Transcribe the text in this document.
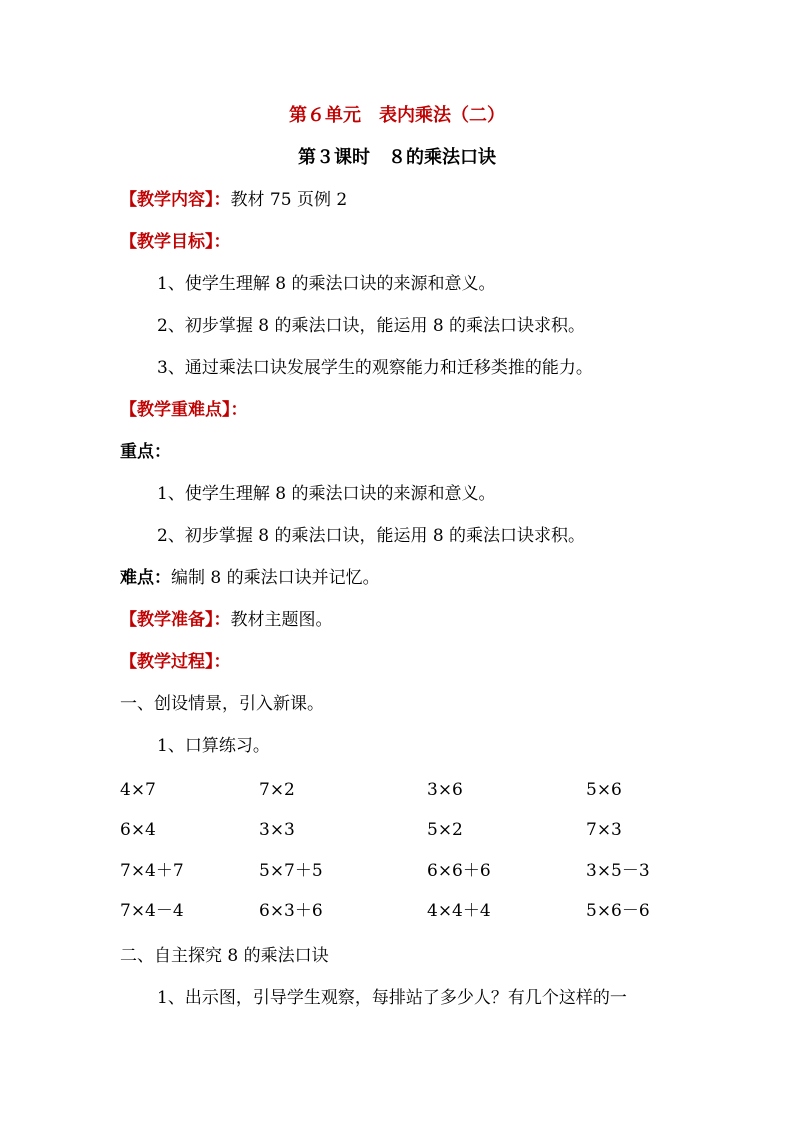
第６单元　表内乘法（二）
第３课时　８的乘法口诀
【教学内容】：教材 75 页例 2
【教学目标】：
1、使学生理解 8 的乘法口诀的来源和意义。
2、初步掌握 8 的乘法口诀，能运用 8 的乘法口诀求积。
3、通过乘法口诀发展学生的观察能力和迁移类推的能力。
【教学重难点】：
重点：
1、使学生理解 8 的乘法口诀的来源和意义。
2、初步掌握 8 的乘法口诀，能运用 8 的乘法口诀求积。
难点：编制 8 的乘法口诀并记忆。
【教学准备】：教材主题图。
【教学过程】：
一、创设情景，引入新课。
1、口算练习。
4×7	7×2	3×6	5×6
6×4	3×3	5×2	7×3
7×4＋7	5×7＋5	6×6＋6	3×5－3
7×4－4	6×3＋6	4×4＋4	5×6－6
二、自主探究 8 的乘法口诀
1、出示图，引导学生观察，每排站了多少人？有几个这样的一
